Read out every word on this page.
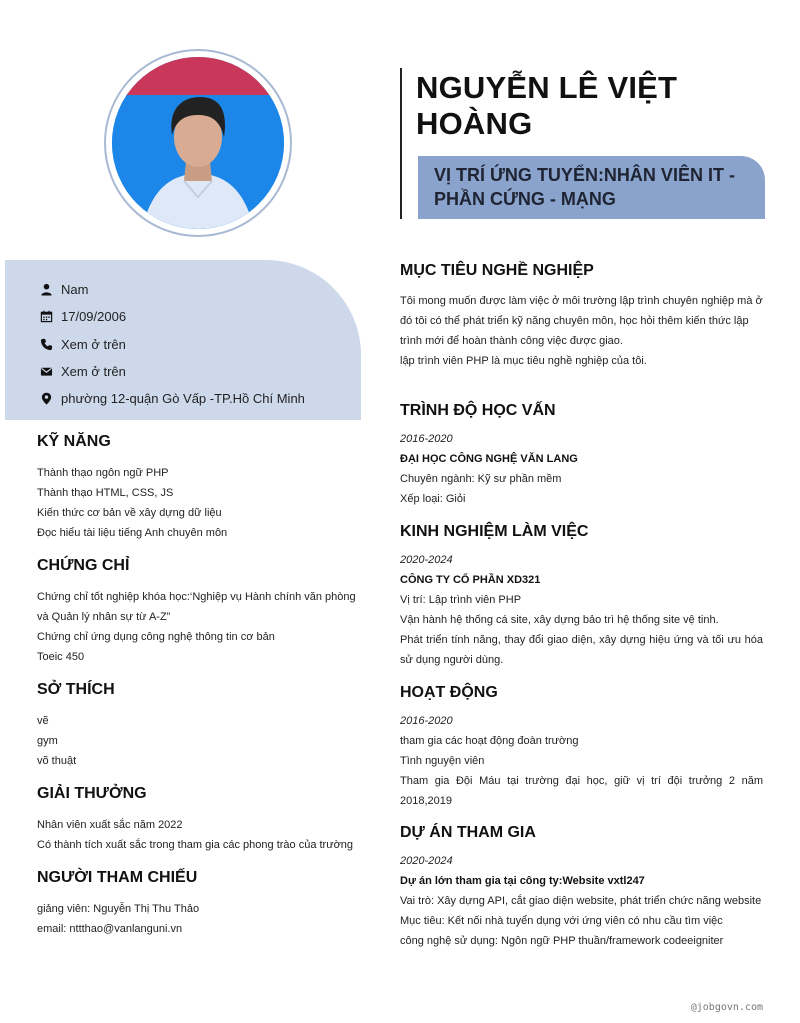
NGUYỄN LÊ VIỆT HOÀNG
VỊ TRÍ ỨNG TUYỂN:NHÂN VIÊN IT - PHẦN CỨNG - MẠNG
Nam
17/09/2006
Xem ở trên
Xem ở trên
phường 12-quận Gò Vấp -TP.Hồ Chí Minh
KỸ NĂNG
Thành thạo ngôn ngữ PHP
Thành thạo HTML, CSS, JS
Kiến thức cơ bản về xây dựng dữ liệu
Đọc hiểu tài liệu tiếng Anh chuyên môn
CHỨNG CHỈ
Chứng chỉ tốt nghiệp khóa học:‘Nghiệp vụ Hành chính văn phòng và Quản lý nhân sự từ A-Z”
Chứng chỉ ứng dụng công nghệ thông tin cơ bản
Toeic 450
SỞ THÍCH
vẽ
gym
võ thuật
GIẢI THƯỞNG
Nhân viên xuất sắc năm 2022
Có thành tích xuất sắc trong tham gia các phong trào của trường
NGƯỜI THAM CHIẾU
giảng viên: Nguyễn Thị Thu Thảo
email: nttthao@vanlanguni.vn
MỤC TIÊU NGHỀ NGHIỆP
Tôi mong muốn được làm việc ở môi trường lập trình chuyên nghiệp mà ở đó tôi có thể phát triển kỹ năng chuyên môn, học hỏi thêm kiến thức lập trình mới để hoàn thành công việc được giao.
lập trình viên PHP là mục tiêu nghề nghiệp của tôi.
TRÌNH ĐỘ HỌC VẤN
2016-2020
ĐẠI HỌC CÔNG NGHỆ VĂN LANG
Chuyên ngành: Kỹ sư phần mềm
Xếp loại: Giỏi
KINH NGHIỆM LÀM VIỆC
2020-2024
CÔNG TY CỔ PHẦN XD321
Vị trí: Lập trình viên PHP
Vận hành hệ thống cá site, xây dựng bảo trì hệ thống site vệ tinh.
Phát triển tính năng, thay đổi giao diện, xây dựng hiệu ứng và tối ưu hóa sử dụng người dùng.
HOẠT ĐỘNG
2016-2020
tham gia các hoạt động đoàn trường
Tình nguyện viên
Tham gia Đội Máu tại trường đại học, giữ vị trí đội trưởng 2 năm 2018,2019
DỰ ÁN THAM GIA
2020-2024
Dự án lớn tham gia tại công ty:Website vxtl247
Vai trò: Xây dựng API, cắt giao diện website, phát triển chức năng website
Mục tiêu: Kết nối nhà tuyển dụng với ứng viên có nhu cầu tìm việc
công nghệ sử dụng: Ngôn ngữ PHP thuần/framework codeeigniter
@jobgovn.com
